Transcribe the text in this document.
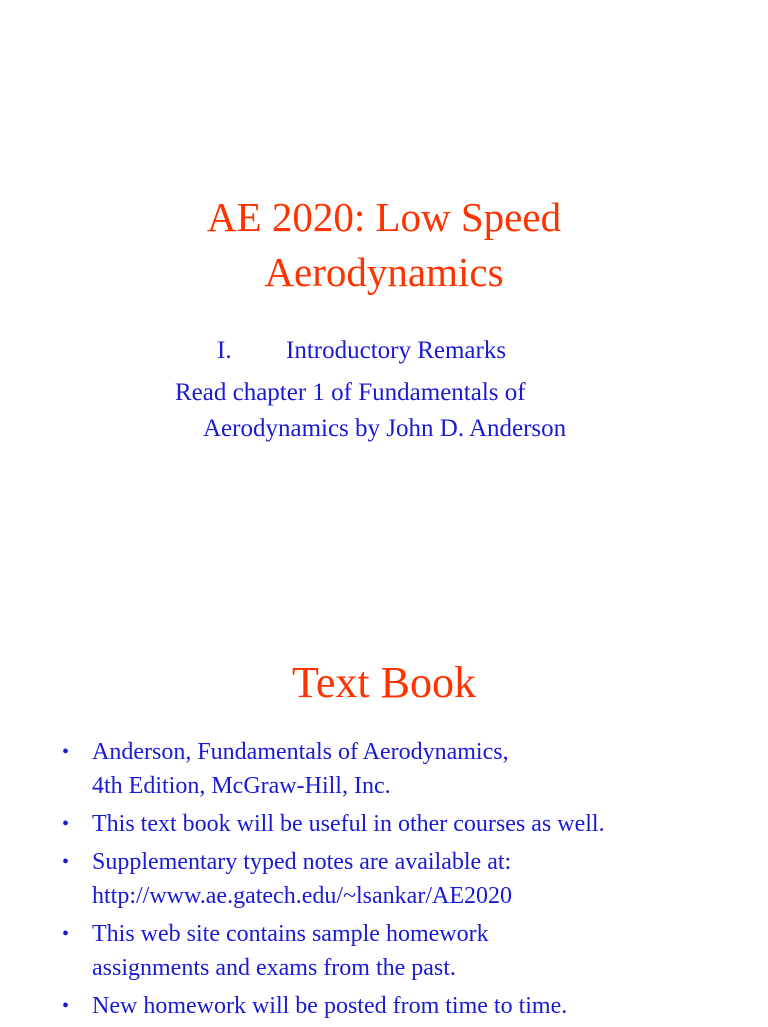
AE 2020: Low Speed
Aerodynamics
I. Introductory Remarks
Read chapter 1 of Fundamentals of
Aerodynamics by John D. Anderson
Text Book
• Anderson, Fundamentals of Aerodynamics,
4th Edition, McGraw-Hill, Inc.
• This text book will be useful in other courses as well.
• Supplementary typed notes are available at:
http://www.ae.gatech.edu/~lsankar/AE2020
• This web site contains sample homework
assignments and exams from the past.
• New homework will be posted from time to time.
